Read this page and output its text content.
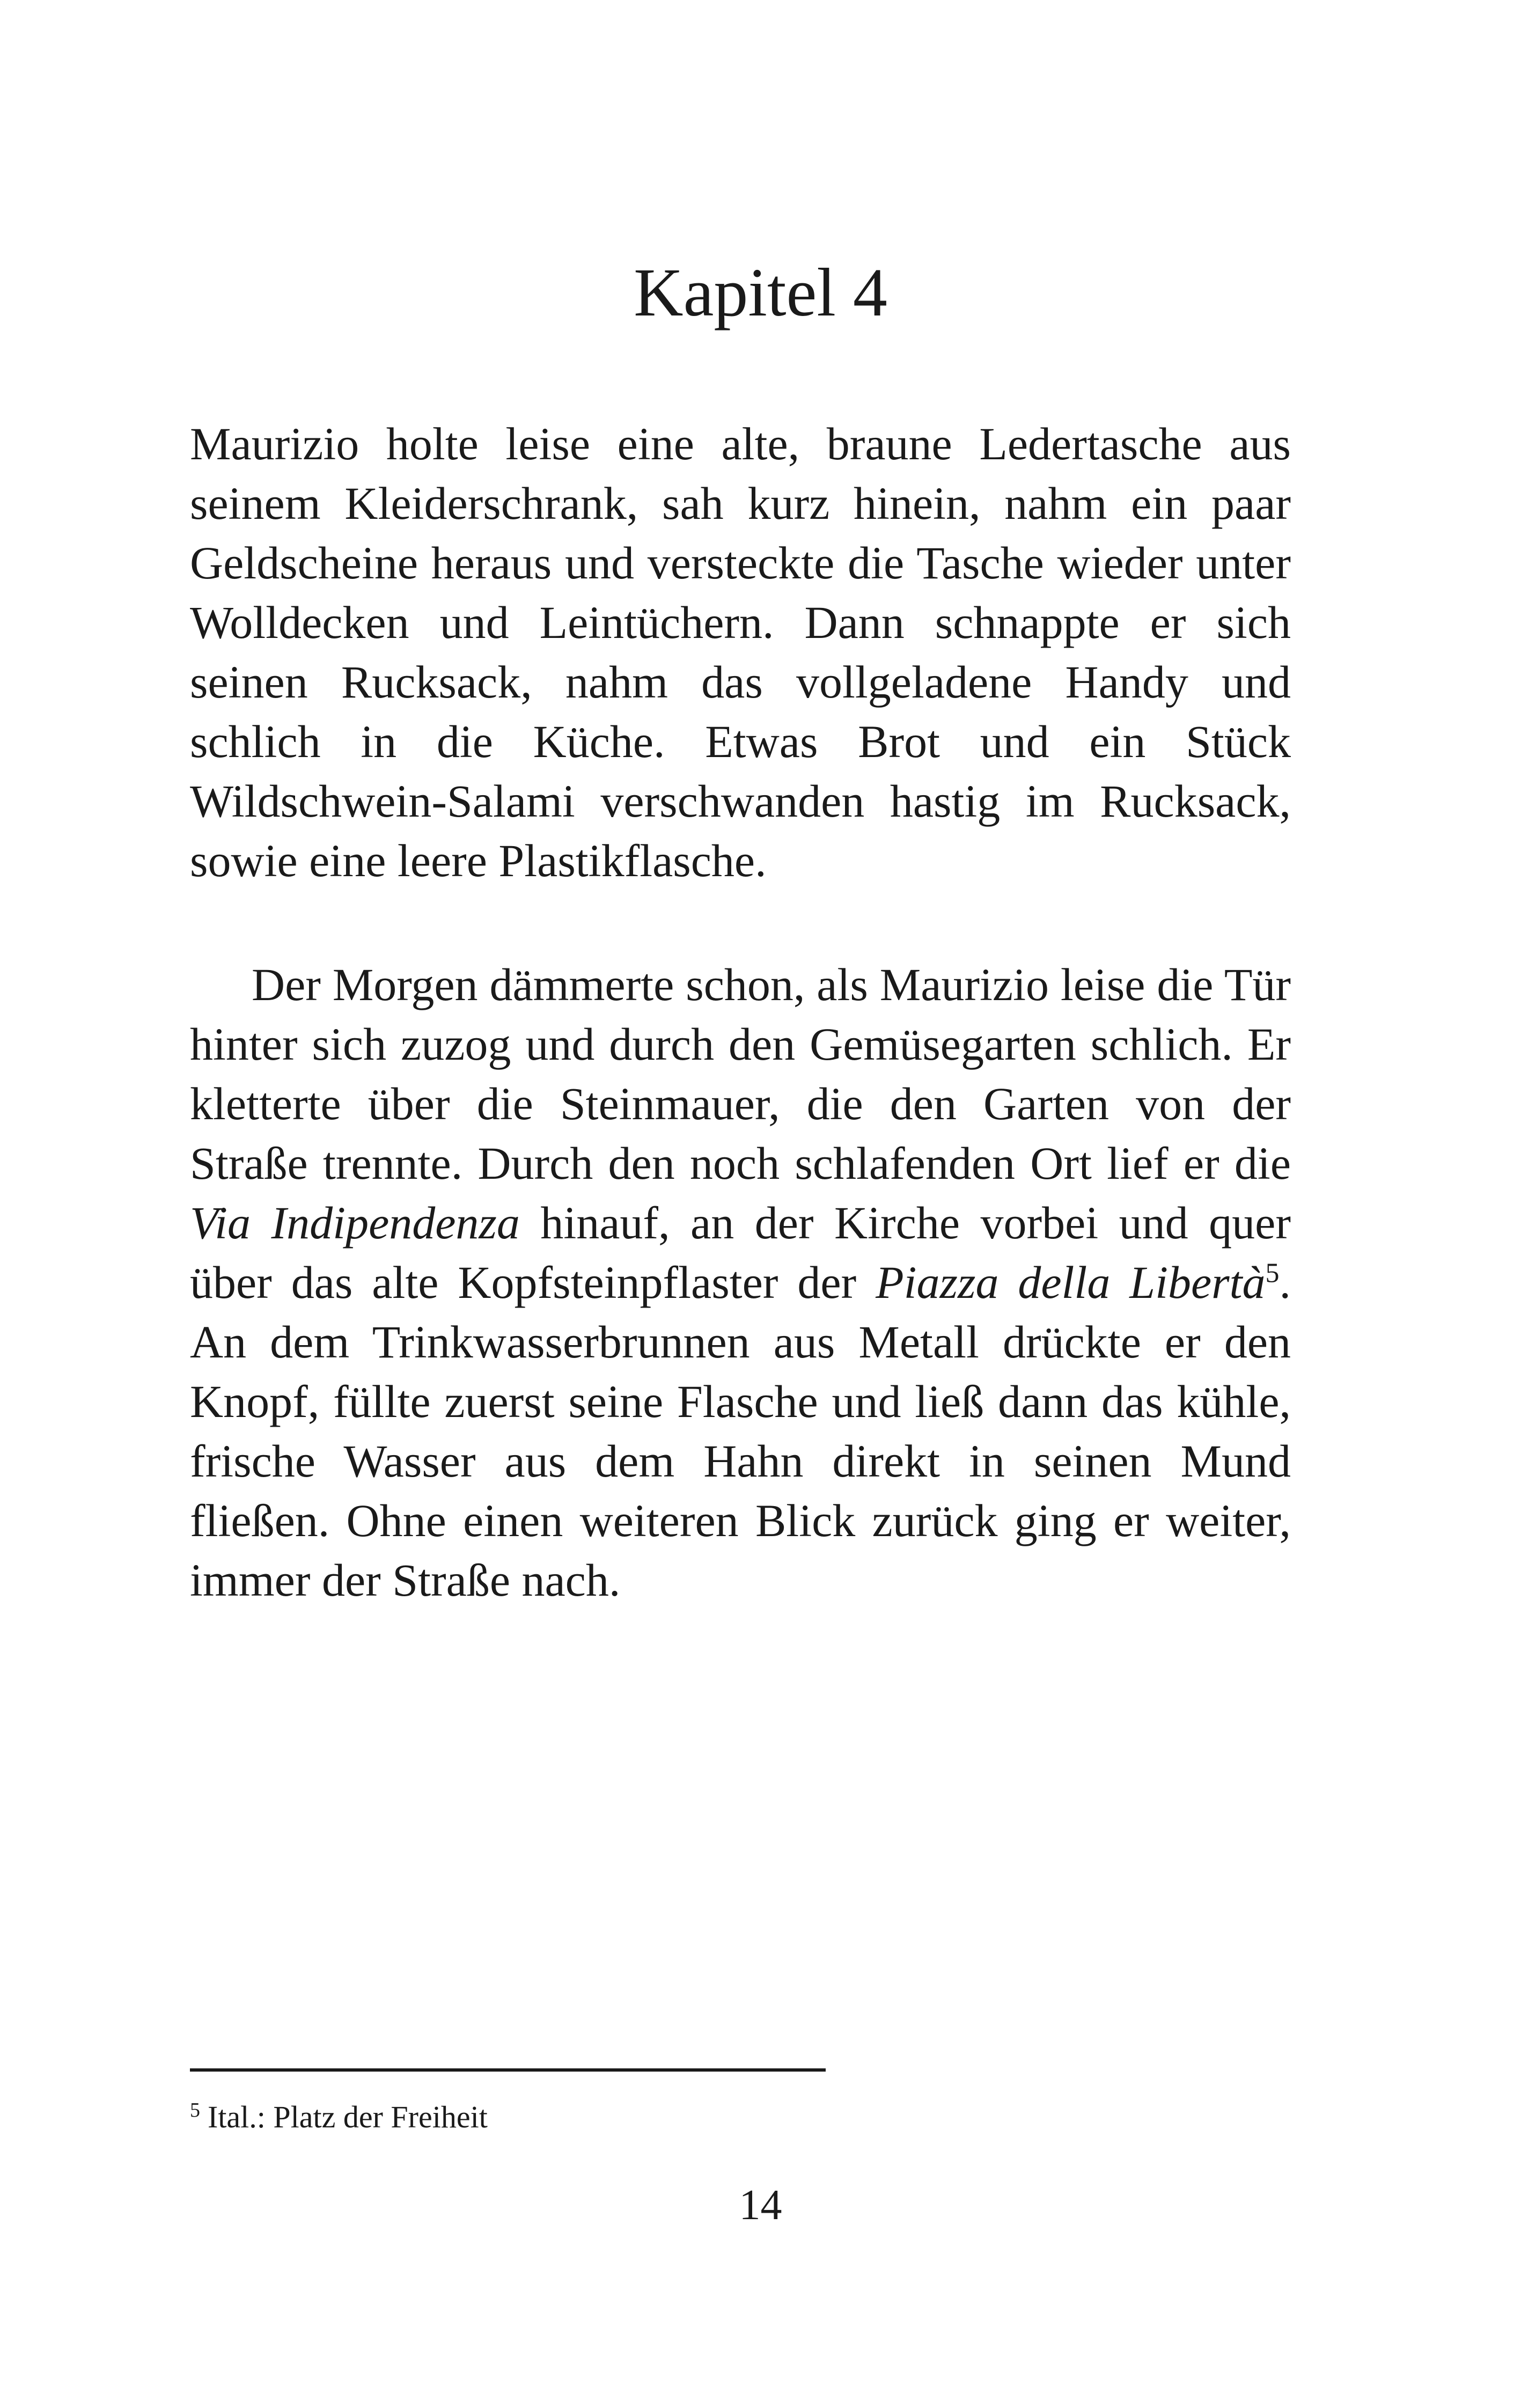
Kapitel 4

Maurizio holte leise eine alte, braune Ledertasche aus seinem Kleiderschrank, sah kurz hinein, nahm ein paar Geldscheine heraus und versteckte die Tasche wieder unter Wolldecken und Leintüchern. Dann schnappte er sich seinen Rucksack, nahm das vollgeladene Handy und schlich in die Küche. Etwas Brot und ein Stück Wildschwein-Salami verschwanden hastig im Rucksack, sowie eine leere Plastikflasche.

Der Morgen dämmerte schon, als Maurizio leise die Tür hinter sich zuzog und durch den Gemüsegarten schlich. Er kletterte über die Steinmauer, die den Garten von der Straße trennte. Durch den noch schlafenden Ort lief er die Via Indipendenza hinauf, an der Kirche vorbei und quer über das alte Kopfsteinpflaster der Piazza della Libertà$^5$. An dem Trinkwasserbrunnen aus Metall drückte er den Knopf, füllte zuerst seine Flasche und ließ dann das kühle, frische Wasser aus dem Hahn direkt in seinen Mund fließen. Ohne einen weiteren Blick zurück ging er weiter, immer der Straße nach.

$^5$ Ital.: Platz der Freiheit

14
